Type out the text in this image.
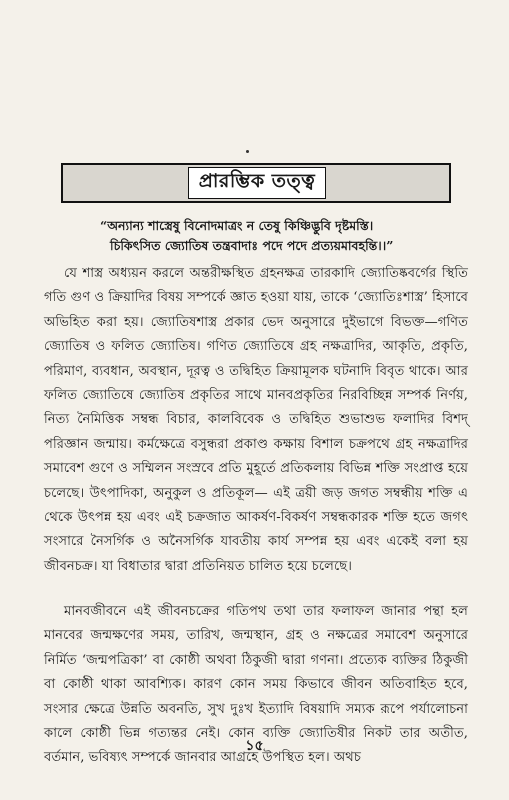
প্রারম্ভিক তত্ত্ব
“অন্যান্য শাস্ত্রেষু বিনোদমাত্রং ন তেষু কিঞ্চিদ্ভুবি দৃষ্টমস্তি।
চিকিৎসিত জ্যোতিষ তন্ত্রবাদাঃ পদে পদে প্রত্যয়মাবহন্তি।।”

যে শাস্ত্র অধ্যয়ন করলে অন্তরীক্ষস্থিত গ্রহনক্ষত্র তারকাদি জ্যোতিষ্কবর্গের স্থিতি গতি গুণ ও ক্রিয়াদির বিষয় সম্পর্কে জ্ঞাত হওয়া যায়, তাকে ‘জ্যোতিঃশাস্ত্র’ হিসাবে অভিহিত করা হয়। জ্যোতিষশাস্ত্র প্রকার ভেদ অনুসারে দুইভাগে বিভক্ত—গণিত জ্যোতিষ ও ফলিত জ্যোতিষ। গণিত জ্যোতিষে গ্রহ নক্ষত্রাদির, আকৃতি, প্রকৃতি, পরিমাণ, ব্যবধান, অবস্থান, দূরত্ব ও তদ্বিহিত ক্রিয়ামূলক ঘটনাদি বিবৃত থাকে। আর ফলিত জ্যোতিষে জ্যোতিষ প্রকৃতির সাথে মানবপ্রকৃতির নিরবিচ্ছিন্ন সম্পর্ক নির্ণয়, নিত্য নৈমিত্তিক সম্বন্ধ বিচার, কালবিবেক ও তদ্বিহিত শুভাশুভ ফলাদির বিশদ্‌ পরিজ্ঞান জন্মায়। কর্মক্ষেত্রে বসুন্ধরা প্রকাণ্ড কক্ষায় বিশাল চক্রপথে গ্রহ নক্ষত্রাদির সমাবেশ গুণে ও সম্মিলন সংস্রবে প্রতি মুহূর্তে প্রতিকলায় বিভিন্ন শক্তি সংপ্রাপ্ত হয়ে চলেছে। উৎপাদিকা, অনুকুল ও প্রতিকূল— এই ত্রয়ী জড় জগত সম্বন্ধীয় শক্তি এ থেকে উৎপন্ন হয় এবং এই চক্রজাত আকর্ষণ-বিকর্ষণ সম্বন্ধকারক শক্তি হতে জগৎ সংসারে নৈসর্গিক ও অনৈসর্গিক যাবতীয় কার্য সম্পন্ন হয় এবং একেই বলা হয় জীবনচক্র। যা বিধাতার দ্বারা প্রতিনিয়ত চালিত হয়ে চলেছে।

মানবজীবনে এই জীবনচক্রের গতিপথ তথা তার ফলাফল জানার পন্থা হল মানবের জন্মক্ষণের সময়, তারিখ, জন্মস্থান, গ্রহ ও নক্ষত্রের সমাবেশ অনুসারে নির্মিত ‘জন্মপত্রিকা’ বা কোষ্ঠী অথবা ঠিকুজী দ্বারা গণনা। প্রত্যেক ব্যক্তির ঠিকুজী বা কোষ্ঠী থাকা আবশ্যিক। কারণ কোন সময় কিভাবে জীবন অতিবাহিত হবে, সংসার ক্ষেত্রে উন্নতি অবনতি, সুখ দুঃখ ইত্যাদি বিষয়াদি সম্যক রূপে পর্যালোচনা কালে কোষ্ঠী ভিন্ন গত্যন্তর নেই। কোন ব্যক্তি জ্যোতিষীর নিকট তার অতীত, বর্তমান, ভবিষ্যৎ সম্পর্কে জানবার আগ্রহে উপস্থিত হল। অথচ

১৫
